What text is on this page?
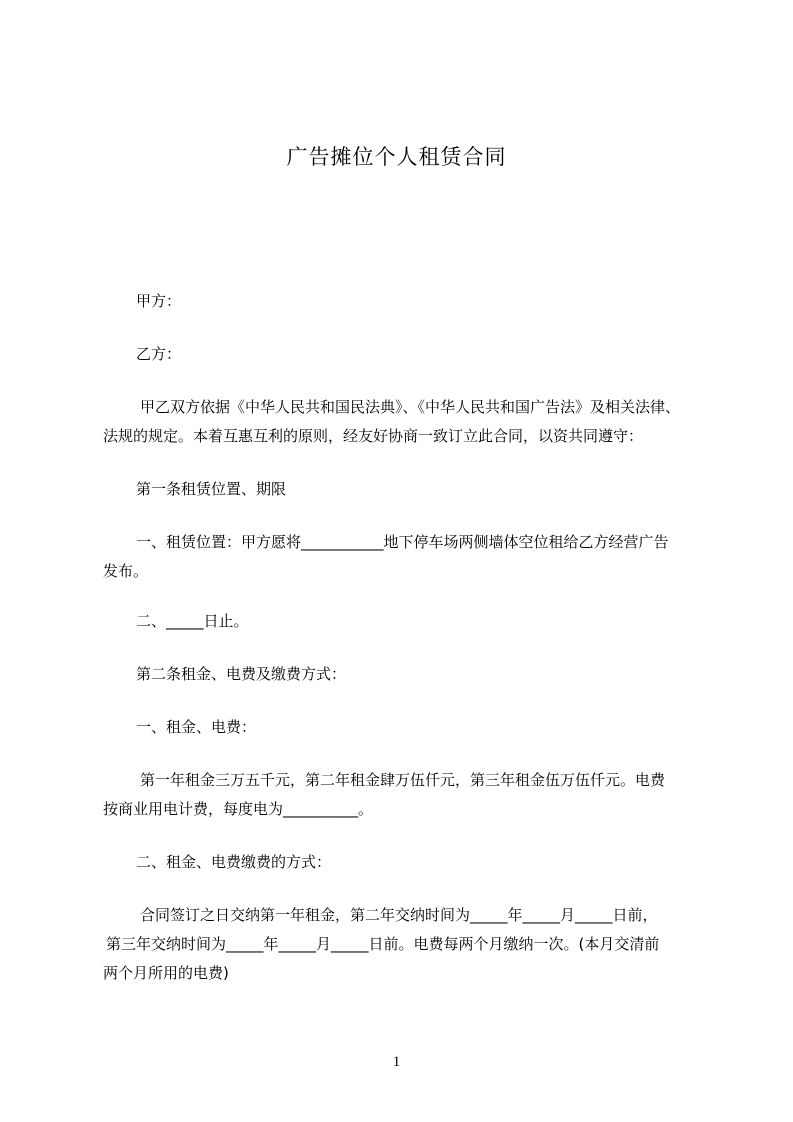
广告摊位个人租赁合同
甲方：
乙方：
甲乙双方依据《中华人民共和国民法典》、《中华人民共和国广告法》及相关法律、
法规的规定。本着互惠互利的原则，经友好协商一致订立此合同，以资共同遵守：
第一条租赁位置、期限
一、租赁位置：甲方愿将___________地下停车场两侧墙体空位租给乙方经营广告
发布。
二、_____日止。
第二条租金、电费及缴费方式：
一、租金、电费：
第一年租金三万五千元，第二年租金肆万伍仟元，第三年租金伍万伍仟元。电费
按商业用电计费，每度电为__________。
二、租金、电费缴费的方式：
合同签订之日交纳第一年租金，第二年交纳时间为_____年_____月_____日前，
第三年交纳时间为_____年_____月_____日前。电费每两个月缴纳一次。(本月交清前
两个月所用的电费)
1
